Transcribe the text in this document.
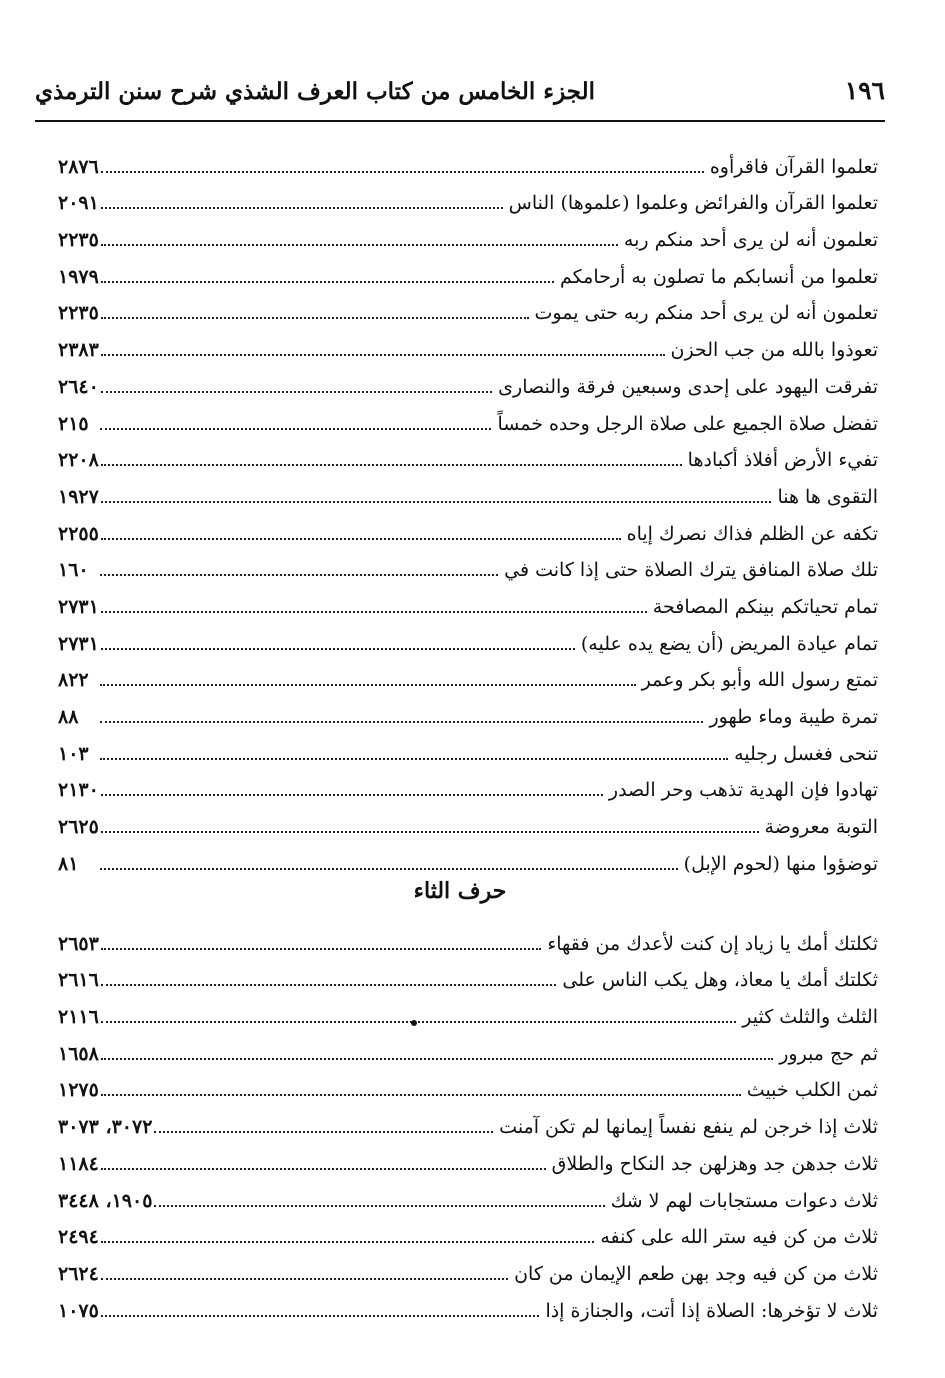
الجزء الخامس من كتاب العرف الشذي شرح سنن الترمذي	١٩٦
تعلموا القرآن فاقرأوه
٢٨٧٦
تعلموا القرآن والفرائض وعلموا (علموها) الناس
٢٠٩١
تعلمون أنه لن يرى أحد منكم ربه
٢٢٣٥
تعلموا من أنسابكم ما تصلون به أرحامكم
١٩٧٩
تعلمون أنه لن يرى أحد منكم ربه حتى يموت
٢٢٣٥
تعوذوا بالله من جب الحزن
٢٣٨٣
تفرقت اليهود على إحدى وسبعين فرقة والنصارى
٢٦٤٠
تفضل صلاة الجميع على صلاة الرجل وحده خمساً
٢١٥
تفيء الأرض أفلاذ أكبادها
٢٢٠٨
التقوى ها هنا
١٩٢٧
تكفه عن الظلم فذاك نصرك إياه
٢٢٥٥
تلك صلاة المنافق يترك الصلاة حتى إذا كانت في
١٦٠
تمام تحياتكم بينكم المصافحة
٢٧٣١
تمام عيادة المريض (أن يضع يده عليه)
٢٧٣١
تمتع رسول الله وأبو بكر وعمر
٨٢٢
تمرة طيبة وماء طهور
٨٨
تنحى فغسل رجليه
١٠٣
تهادوا فإن الهدية تذهب وحر الصدر
٢١٣٠
التوبة معروضة
٢٦٢٥
توضؤوا منها (لحوم الإبل)
٨١
حرف الثاء
ثكلتك أمك يا زياد إن كنت لأعدك من فقهاء
٢٦٥٣
ثكلتك أمك يا معاذ، وهل يكب الناس على
٢٦١٦
الثلث والثلث كثير
٢١١٦
ثم حج مبرور
١٦٥٨
ثمن الكلب خبيث
١٢٧٥
ثلاث إذا خرجن لم ينفع نفساً إيمانها لم تكن آمنت
٣٠٧٢، ٣٠٧٣
ثلاث جدهن جد وهزلهن جد النكاح والطلاق
١١٨٤
ثلاث دعوات مستجابات لهم لا شك
١٩٠٥، ٣٤٤٨
ثلاث من كن فيه ستر الله على كنفه
٢٤٩٤
ثلاث من كن فيه وجد بهن طعم الإيمان من كان
٢٦٢٤
ثلاث لا تؤخرها: الصلاة إذا أتت، والجنازة إذا
١٠٧٥
